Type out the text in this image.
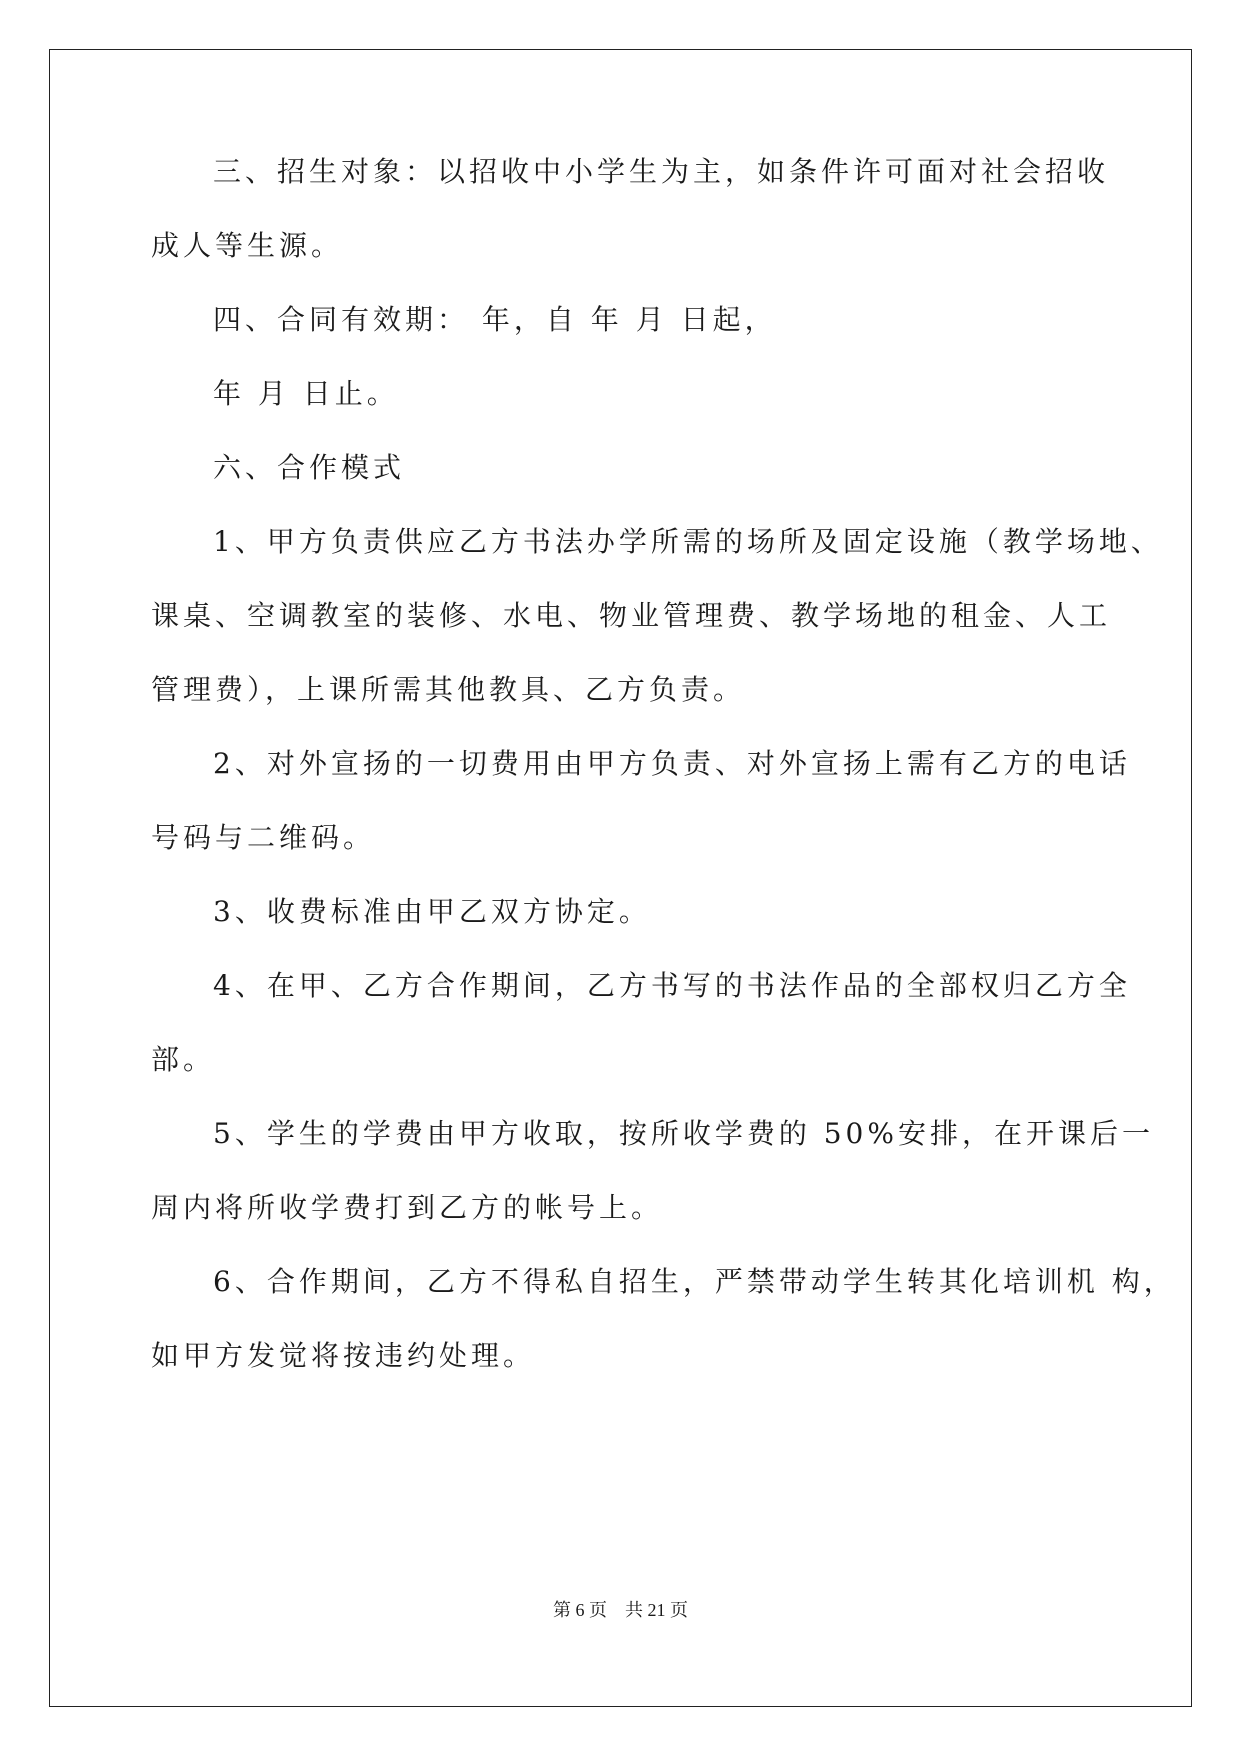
三、招生对象：以招收中小学生为主，如条件许可面对社会招收

成人等生源。

四、合同有效期： 年，自 年 月 日起，

年 月 日止。

六、合作模式

1、甲方负责供应乙方书法办学所需的场所及固定设施（教学场地、

课桌、空调教室的装修、水电、物业管理费、教学场地的租金、人工

管理费），上课所需其他教具、乙方负责。

2、对外宣扬的一切费用由甲方负责、对外宣扬上需有乙方的电话

号码与二维码。

3、收费标准由甲乙双方协定。

4、在甲、乙方合作期间，乙方书写的书法作品的全部权归乙方全

部。

5、学生的学费由甲方收取，按所收学费的 50%安排，在开课后一

周内将所收学费打到乙方的帐号上。

6、合作期间，乙方不得私自招生，严禁带动学生转其化培训机 构，

如甲方发觉将按违约处理。

第 6 页    共 21 页
